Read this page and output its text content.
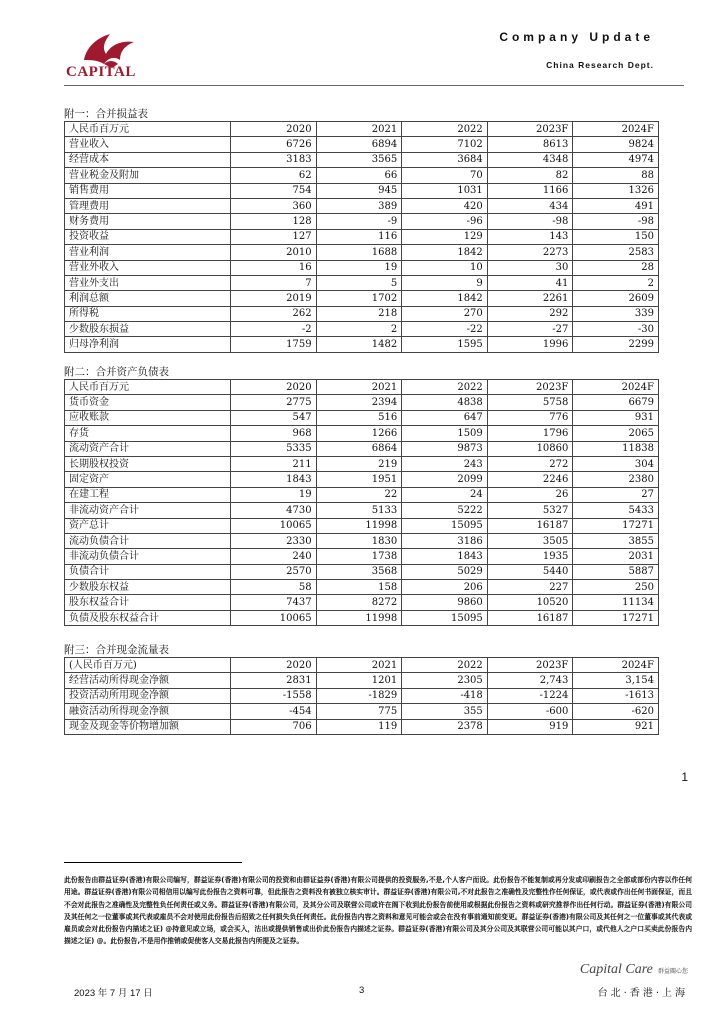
CAPITAL
Company Update
China Research Dept.
附一：合并损益表
人民币百万元	2020	2021	2022	2023F	2024F
营业收入	6726	6894	7102	8613	9824
经营成本	3183	3565	3684	4348	4974
营业税金及附加	62	66	70	82	88
销售费用	754	945	1031	1166	1326
管理费用	360	389	420	434	491
财务费用	128	-9	-96	-98	-98
投资收益	127	116	129	143	150
营业利润	2010	1688	1842	2273	2583
营业外收入	16	19	10	30	28
营业外支出	7	5	9	41	2
利润总额	2019	1702	1842	2261	2609
所得税	262	218	270	292	339
少数股东损益	-2	2	-22	-27	-30
归母净利润	1759	1482	1595	1996	2299
附二：合并资产负债表
人民币百万元	2020	2021	2022	2023F	2024F
货币资金	2775	2394	4838	5758	6679
应收账款	547	516	647	776	931
存货	968	1266	1509	1796	2065
流动资产合计	5335	6864	9873	10860	11838
长期股权投资	211	219	243	272	304
固定资产	1843	1951	2099	2246	2380
在建工程	19	22	24	26	27
非流动资产合计	4730	5133	5222	5327	5433
资产总计	10065	11998	15095	16187	17271
流动负债合计	2330	1830	3186	3505	3855
非流动负债合计	240	1738	1843	1935	2031
负债合计	2570	3568	5029	5440	5887
少数股东权益	58	158	206	227	250
股东权益合计	7437	8272	9860	10520	11134
负债及股东权益合计	10065	11998	15095	16187	17271
附三：合并现金流量表
(人民币百万元)	2020	2021	2022	2023F	2024F
经营活动所得现金净额	2831	1201	2305	2,743	3,154
投资活动所用现金净额	-1558	-1829	-418	-1224	-1613
融资活动所得现金净额	-454	775	355	-600	-620
现金及现金等价物增加额	706	119	2378	919	921
1
此份报告由群益证券(香港)有限公司编写，群益证券(香港)有限公司的投资和由群证益券(香港)有限公司提供的投资服务,不是,个人客户而设。此份报告不能复制或再分发或印刷报告之全部或部份内容以作任何用途。群益证券(香港)有限公司相信用以编写此份报告之资料可靠，但此报告之资料没有被独立核实审计。群益证券(香港)有限公司,不对此报告之准确性及完整性作任何保证，或代表或作出任何书面保证，而且不会对此报告之准确性及完整性负任何责任或义务。群益证券(香港)有限公司，及其分公司及联营公司或许在阁下收到此份报告前使用或根据此份报告之资料或研究推荐作出任何行动。群益证券(香港)有限公司及其任何之一位董事或其代表或雇员不会对使用此份报告后招致之任何损失负任何责任。此份报告内容之资料和意见可能会或会在没有事前通知前变更。群益证券(香港)有限公司及其任何之一位董事或其代表或雇员或会对此份报告内描述之证) @持意见或立场，或会买入，沽出或提供销售或出价此份报告内描述之证券。群益证券(香港)有限公司及其分公司及其联营公司可能以其户口，或代他人之户口买卖此份报告内描述之证) @。此份报告,不是用作推销或促使客人交易此报告内所提及之证券。
Capital Care 群益關心您
台北·香港·上海
2023 年 7 月 17 日	3
